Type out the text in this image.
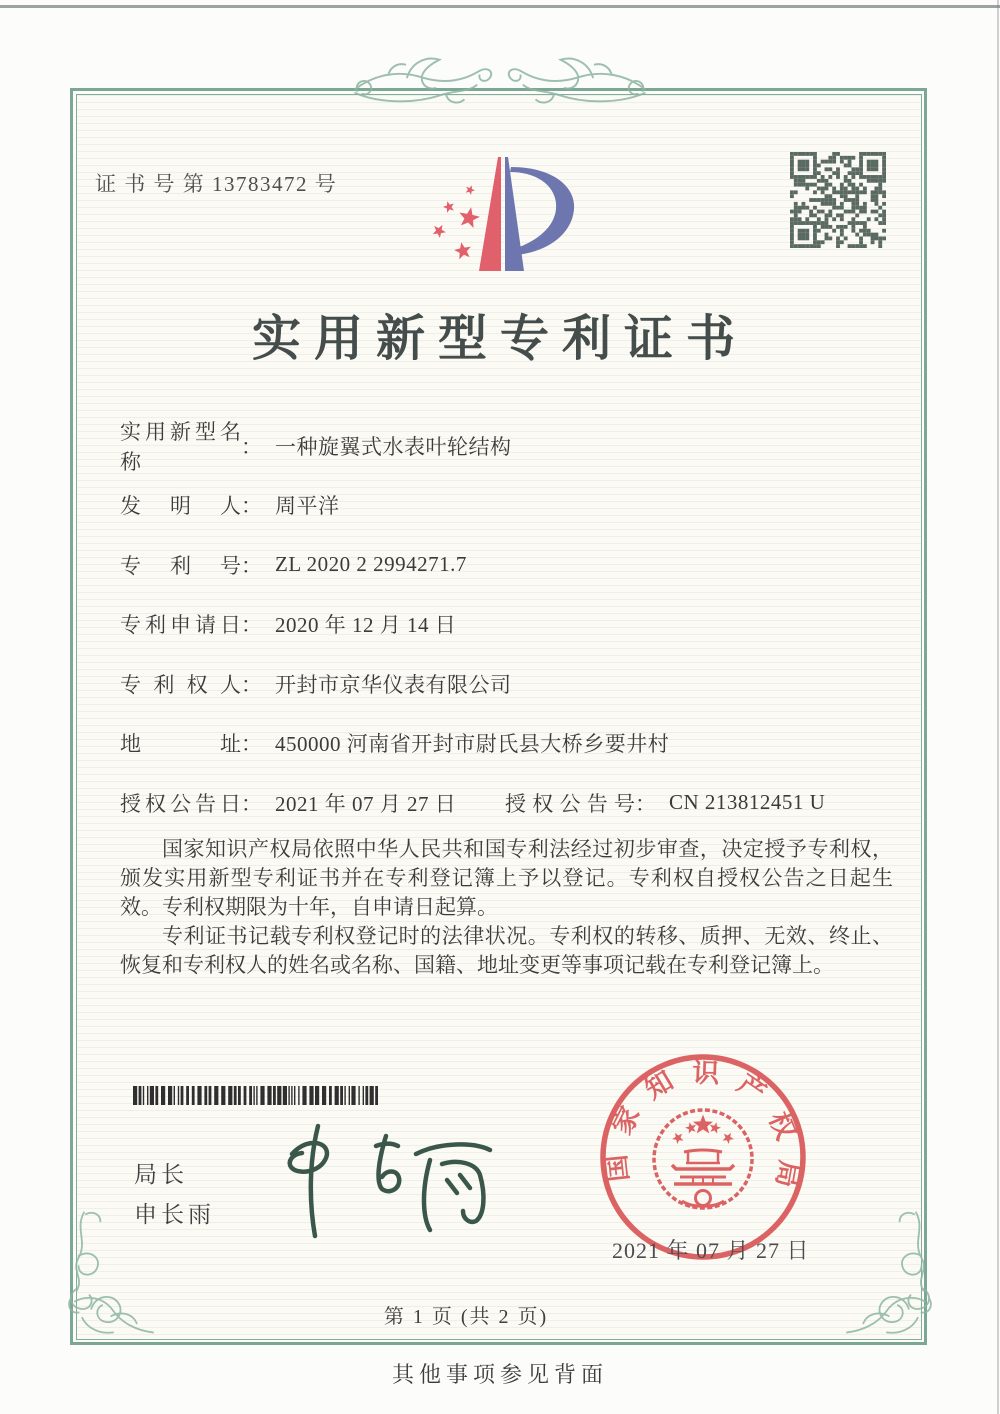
证 书 号 第 13783472 号
实用新型专利证书
实用新型名称
： 一种旋翼式水表叶轮结构
发明人 ： 周平洋
专利号 ： ZL 2020 2 2994271.7
专利申请日 ： 2020 年 12 月 14 日
专利权人 ： 开封市京华仪表有限公司
地址 ： 450000 河南省开封市尉氏县大桥乡要井村
授权公告日 ： 2021 年 07 月 27 日 授权公告号 ： CN 213812451 U

国家知识产权局依照中华人民共和国专利法经过初步审查，决定授予专利权，颁发实用新型专利证书并在专利登记簿上予以登记。专利权自授权公告之日起生效。专利权期限为十年，自申请日起算。

专利证书记载专利权登记时的法律状况。专利权的转移、质押、无效、终止、恢复和专利权人的姓名或名称、国籍、地址变更等事项记载在专利登记簿上。

局长
申长雨
国家知识产权局
2021 年 07 月 27 日
第 1 页 (共 2 页)
其他事项参见背面
